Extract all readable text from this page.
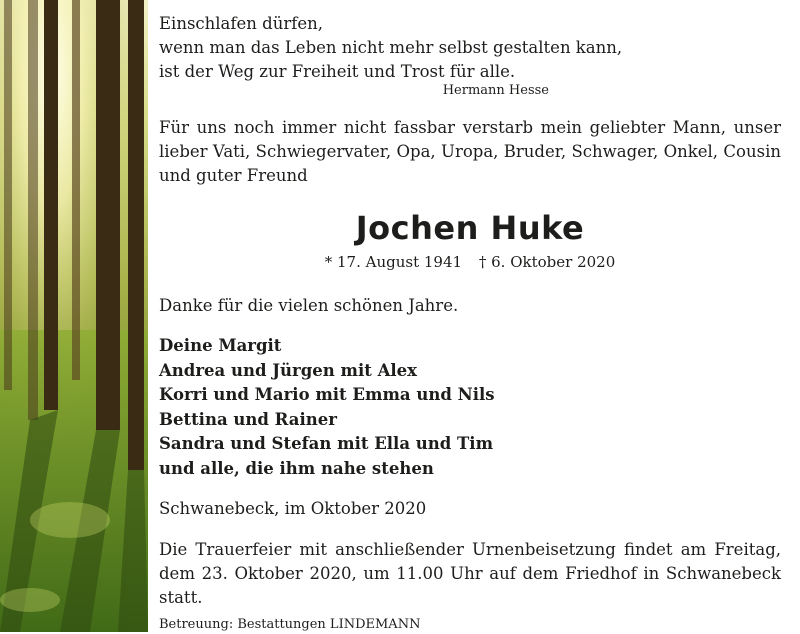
Einschlafen dürfen,
wenn man das Leben nicht mehr selbst gestalten kann,
ist der Weg zur Freiheit und Trost für alle.
Hermann Hesse
Für uns noch immer nicht fassbar verstarb mein geliebter Mann, unser lieber Vati, Schwiegervater, Opa, Uropa, Bruder, Schwager, Onkel, Cousin und guter Freund
Jochen Huke
* 17. August 1941 † 6. Oktober 2020
Danke für die vielen schönen Jahre.
Deine Margit
Andrea und Jürgen mit Alex
Korri und Mario mit Emma und Nils
Bettina und Rainer
Sandra und Stefan mit Ella und Tim
und alle, die ihm nahe stehen
Schwanebeck, im Oktober 2020
Die Trauerfeier mit anschließender Urnenbeisetzung findet am Freitag, dem 23. Oktober 2020, um 11.00 Uhr auf dem Friedhof in Schwanebeck statt.
Betreuung: Bestattungen LINDEMANN
